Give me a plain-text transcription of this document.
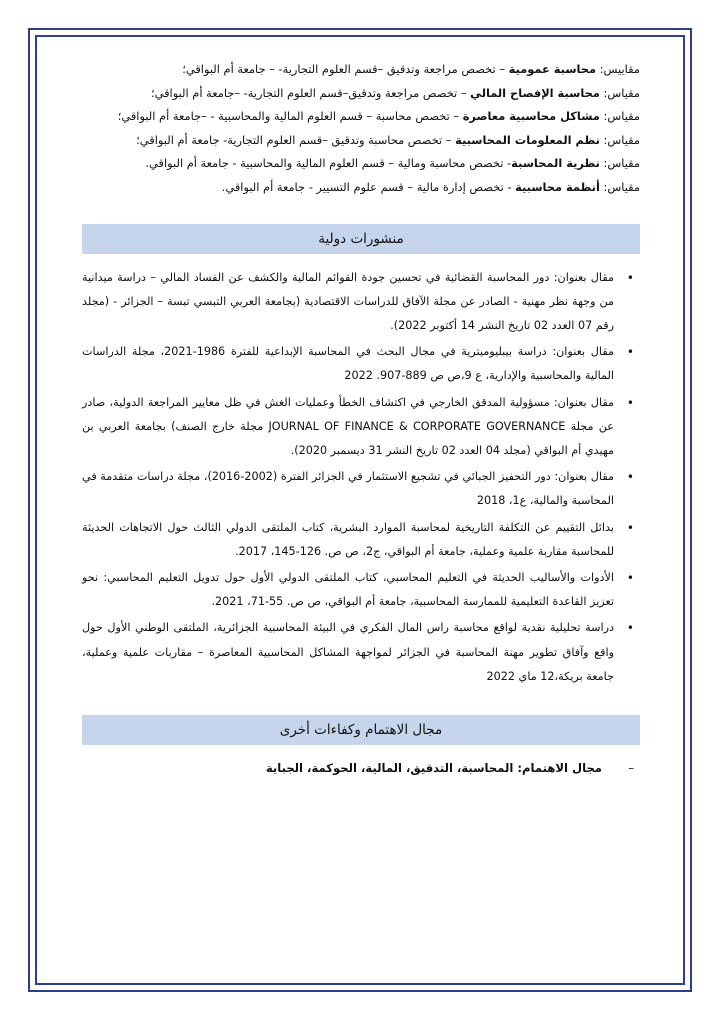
مقاييس: محاسبة عمومية – تخصص مراجعة وتدقيق –قسم العلوم التجارية- – جامعة أم البواقي؛
مقياس: محاسبة الإفصاح المالي – تخصص مراجعة وتدقيق–قسم العلوم التجارية- –جامعة أم البواقي؛
مقياس: مشاكل محاسبية معاصرة – تخصص محاسبة – قسم العلوم المالية والمحاسبية - –جامعة أم البواقي؛
مقياس: نظم المعلومات المحاسبية – تخصص محاسبة وتدقيق –قسم العلوم التجارية- جامعة أم البواقي؛
مقياس: نظرية المحاسبة- تخصص محاسبة ومالية – قسم العلوم المالية والمحاسبية - جامعة أم البواقي.
مقياس: أنظمة محاسبية - تخصص إدارة مالية – قسم علوم التسيير - جامعة أم البواقي.
منشورات دولية
•
مقال بعنوان: دور المحاسبة القضائية في تحسين جودة القوائم المالية والكشف عن الفساد المالي – دراسة ميدانية من وجهة نظر مهنية - الصادر عن مجلة الآفاق للدراسات الاقتصادية (بجامعة العربي التبسي تبسة – الجزائر - (مجلد رقم 07 العدد 02 تاريخ النشر 14 أكتوبر 2022).
•
مقال بعنوان: دراسة بيبليوميترية في مجال البحث في المحاسبة الإبداعية للفترة 1986-2021، مجلة الدراسات المالية والمحاسبية والإدارية، ع 9،ص ص 889-907. 2022
•
مقال بعنوان: مسؤولية المدقق الخارجي في اكتشاف الخطأ وعمليات الغش في ظل معايير المراجعة الدولية، صادر عن مجلة JOURNAL OF FINANCE & CORPORATE GOVERNANCE مجلة خارج الصنف) بجامعة العربي بن مهيدي أم البواقي (مجلد 04 العدد 02 تاريخ النشر 31 ديسمبر 2020).
•
مقال بعنوان: دور التحفيز الجبائي في تشجيع الاستثمار في الجزائر الفترة (2002-2016)، مجلة دراسات متقدمة في المحاسبة والمالية، ع1، 2018
•
بدائل التقييم عن التكلفة التاريخية لمحاسبة الموارد البشرية، كتاب الملتقى الدولي الثالث حول الاتجاهات الحديثة للمحاسبة مقاربة علمية وعملية، جامعة أم البواقي، ج2، ص ص. 126-145، 2017.
•
الأدوات والأساليب الحديثة في التعليم المحاسبي، كتاب الملتقى الدولي الأول حول تدويل التعليم المحاسبي: نحو تعزيز القاعدة التعليمية للممارسة المحاسبية، جامعة أم البواقي، ص ص. 55-71، 2021.
•
دراسة تحليلية نقدية لواقع محاسبة راس المال الفكري في البيئة المحاسبية الجزائرية، الملتقى الوطني الأول حول واقع وآفاق تطوير مهنة المحاسبة في الجزائر لمواجهة المشاكل المحاسبية المعاصرة – مقاربات علمية وعملية، جامعة بريكة،12 ماي 2022
مجال الاهتمام وكفاءات أخرى
–
مجال الاهتمام: المحاسبة، التدقيق، المالية، الحوكمة، الجباية
